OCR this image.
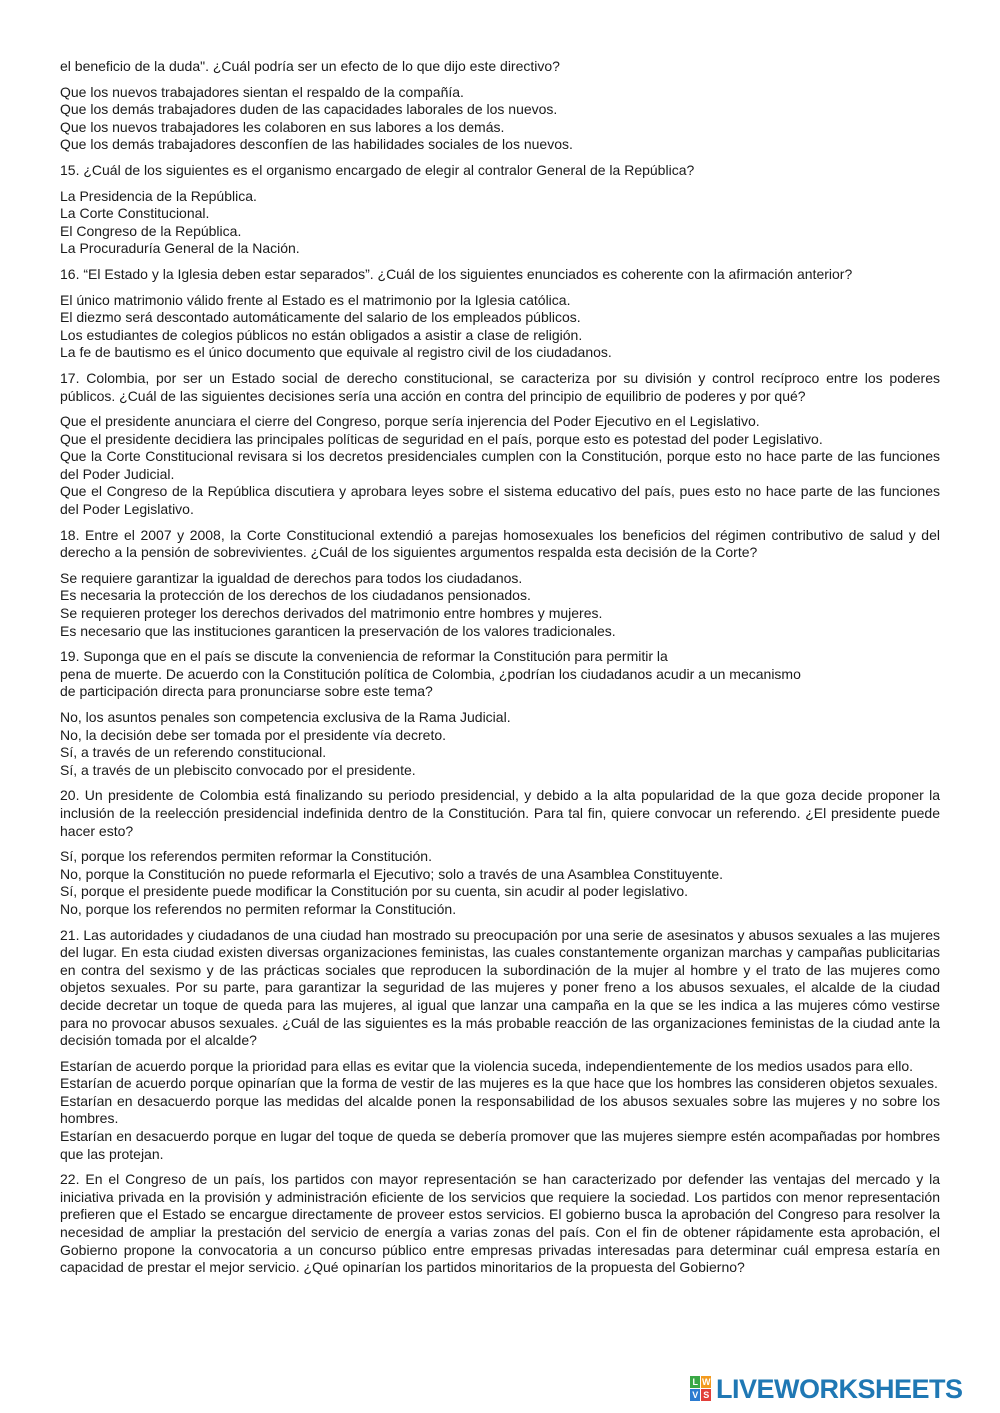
el beneficio de la duda". ¿Cuál podría ser un efecto de lo que dijo este directivo?
Que los nuevos trabajadores sientan el respaldo de la compañía.
Que los demás trabajadores duden de las capacidades laborales de los nuevos.
Que los nuevos trabajadores les colaboren en sus labores a los demás.
Que los demás trabajadores desconfíen de las habilidades sociales de los nuevos.
15. ¿Cuál de los siguientes es el organismo encargado de elegir al contralor General de la República?
La Presidencia de la República.
La Corte Constitucional.
El Congreso de la República.
La Procuraduría General de la Nación.
16. “El Estado y la Iglesia deben estar separados”. ¿Cuál de los siguientes enunciados es coherente con la afirmación anterior?
El único matrimonio válido frente al Estado es el matrimonio por la Iglesia católica.
El diezmo será descontado automáticamente del salario de los empleados públicos.
Los estudiantes de colegios públicos no están obligados a asistir a clase de religión.
La fe de bautismo es el único documento que equivale al registro civil de los ciudadanos.
17. Colombia, por ser un Estado social de derecho constitucional, se caracteriza por su división y control recíproco entre los poderes públicos. ¿Cuál de las siguientes decisiones sería una acción en contra del principio de equilibrio de poderes y por qué?
Que el presidente anunciara el cierre del Congreso, porque sería injerencia del Poder Ejecutivo en el Legislativo.
Que el presidente decidiera las principales políticas de seguridad en el país, porque esto es potestad del poder Legislativo.
Que la Corte Constitucional revisara si los decretos presidenciales cumplen con la Constitución, porque esto no hace parte de las funciones del Poder Judicial.
Que el Congreso de la República discutiera y aprobara leyes sobre el sistema educativo del país, pues esto no hace parte de las funciones del Poder Legislativo.
18. Entre el 2007 y 2008, la Corte Constitucional extendió a parejas homosexuales los beneficios del régimen contributivo de salud y del derecho a la pensión de sobrevivientes. ¿Cuál de los siguientes argumentos respalda esta decisión de la Corte?
Se requiere garantizar la igualdad de derechos para todos los ciudadanos.
Es necesaria la protección de los derechos de los ciudadanos pensionados.
Se requieren proteger los derechos derivados del matrimonio entre hombres y mujeres.
Es necesario que las instituciones garanticen la preservación de los valores tradicionales.
19. Suponga que en el país se discute la conveniencia de reformar la Constitución para permitir la
pena de muerte. De acuerdo con la Constitución política de Colombia, ¿podrían los ciudadanos acudir a un mecanismo
de participación directa para pronunciarse sobre este tema?
No, los asuntos penales son competencia exclusiva de la Rama Judicial.
No, la decisión debe ser tomada por el presidente vía decreto.
Sí, a través de un referendo constitucional.
Sí, a través de un plebiscito convocado por el presidente.
20. Un presidente de Colombia está finalizando su periodo presidencial, y debido a la alta popularidad de la que goza decide proponer la inclusión de la reelección presidencial indefinida dentro de la Constitución. Para tal fin, quiere convocar un referendo. ¿El presidente puede hacer esto?
Sí, porque los referendos permiten reformar la Constitución.
No, porque la Constitución no puede reformarla el Ejecutivo; solo a través de una Asamblea Constituyente.
Sí, porque el presidente puede modificar la Constitución por su cuenta, sin acudir al poder legislativo.
No, porque los referendos no permiten reformar la Constitución.
21. Las autoridades y ciudadanos de una ciudad han mostrado su preocupación por una serie de asesinatos y abusos sexuales a las mujeres del lugar. En esta ciudad existen diversas organizaciones feministas, las cuales constantemente organizan marchas y campañas publicitarias en contra del sexismo y de las prácticas sociales que reproducen la subordinación de la mujer al hombre y el trato de las mujeres como objetos sexuales. Por su parte, para garantizar la seguridad de las mujeres y poner freno a los abusos sexuales, el alcalde de la ciudad decide decretar un toque de queda para las mujeres, al igual que lanzar una campaña en la que se les indica a las mujeres cómo vestirse para no provocar abusos sexuales. ¿Cuál de las siguientes es la más probable reacción de las organizaciones feministas de la ciudad ante la decisión tomada por el alcalde?
Estarían de acuerdo porque la prioridad para ellas es evitar que la violencia suceda, independientemente de los medios usados para ello.
Estarían de acuerdo porque opinarían que la forma de vestir de las mujeres es la que hace que los hombres las consideren objetos sexuales.
Estarían en desacuerdo porque las medidas del alcalde ponen la responsabilidad de los abusos sexuales sobre las mujeres y no sobre los hombres.
Estarían en desacuerdo porque en lugar del toque de queda se debería promover que las mujeres siempre estén acompañadas por hombres que las protejan.
22. En el Congreso de un país, los partidos con mayor representación se han caracterizado por defender las ventajas del mercado y la iniciativa privada en la provisión y administración eficiente de los servicios que requiere la sociedad. Los partidos con menor representación prefieren que el Estado se encargue directamente de proveer estos servicios. El gobierno busca la aprobación del Congreso para resolver la necesidad de ampliar la prestación del servicio de energía a varias zonas del país. Con el fin de obtener rápidamente esta aprobación, el Gobierno propone la convocatoria a un concurso público entre empresas privadas interesadas para determinar cuál empresa estaría en capacidad de prestar el mejor servicio. ¿Qué opinarían los partidos minoritarios de la propuesta del Gobierno?
L W
V S LIVEWORKSHEETS
